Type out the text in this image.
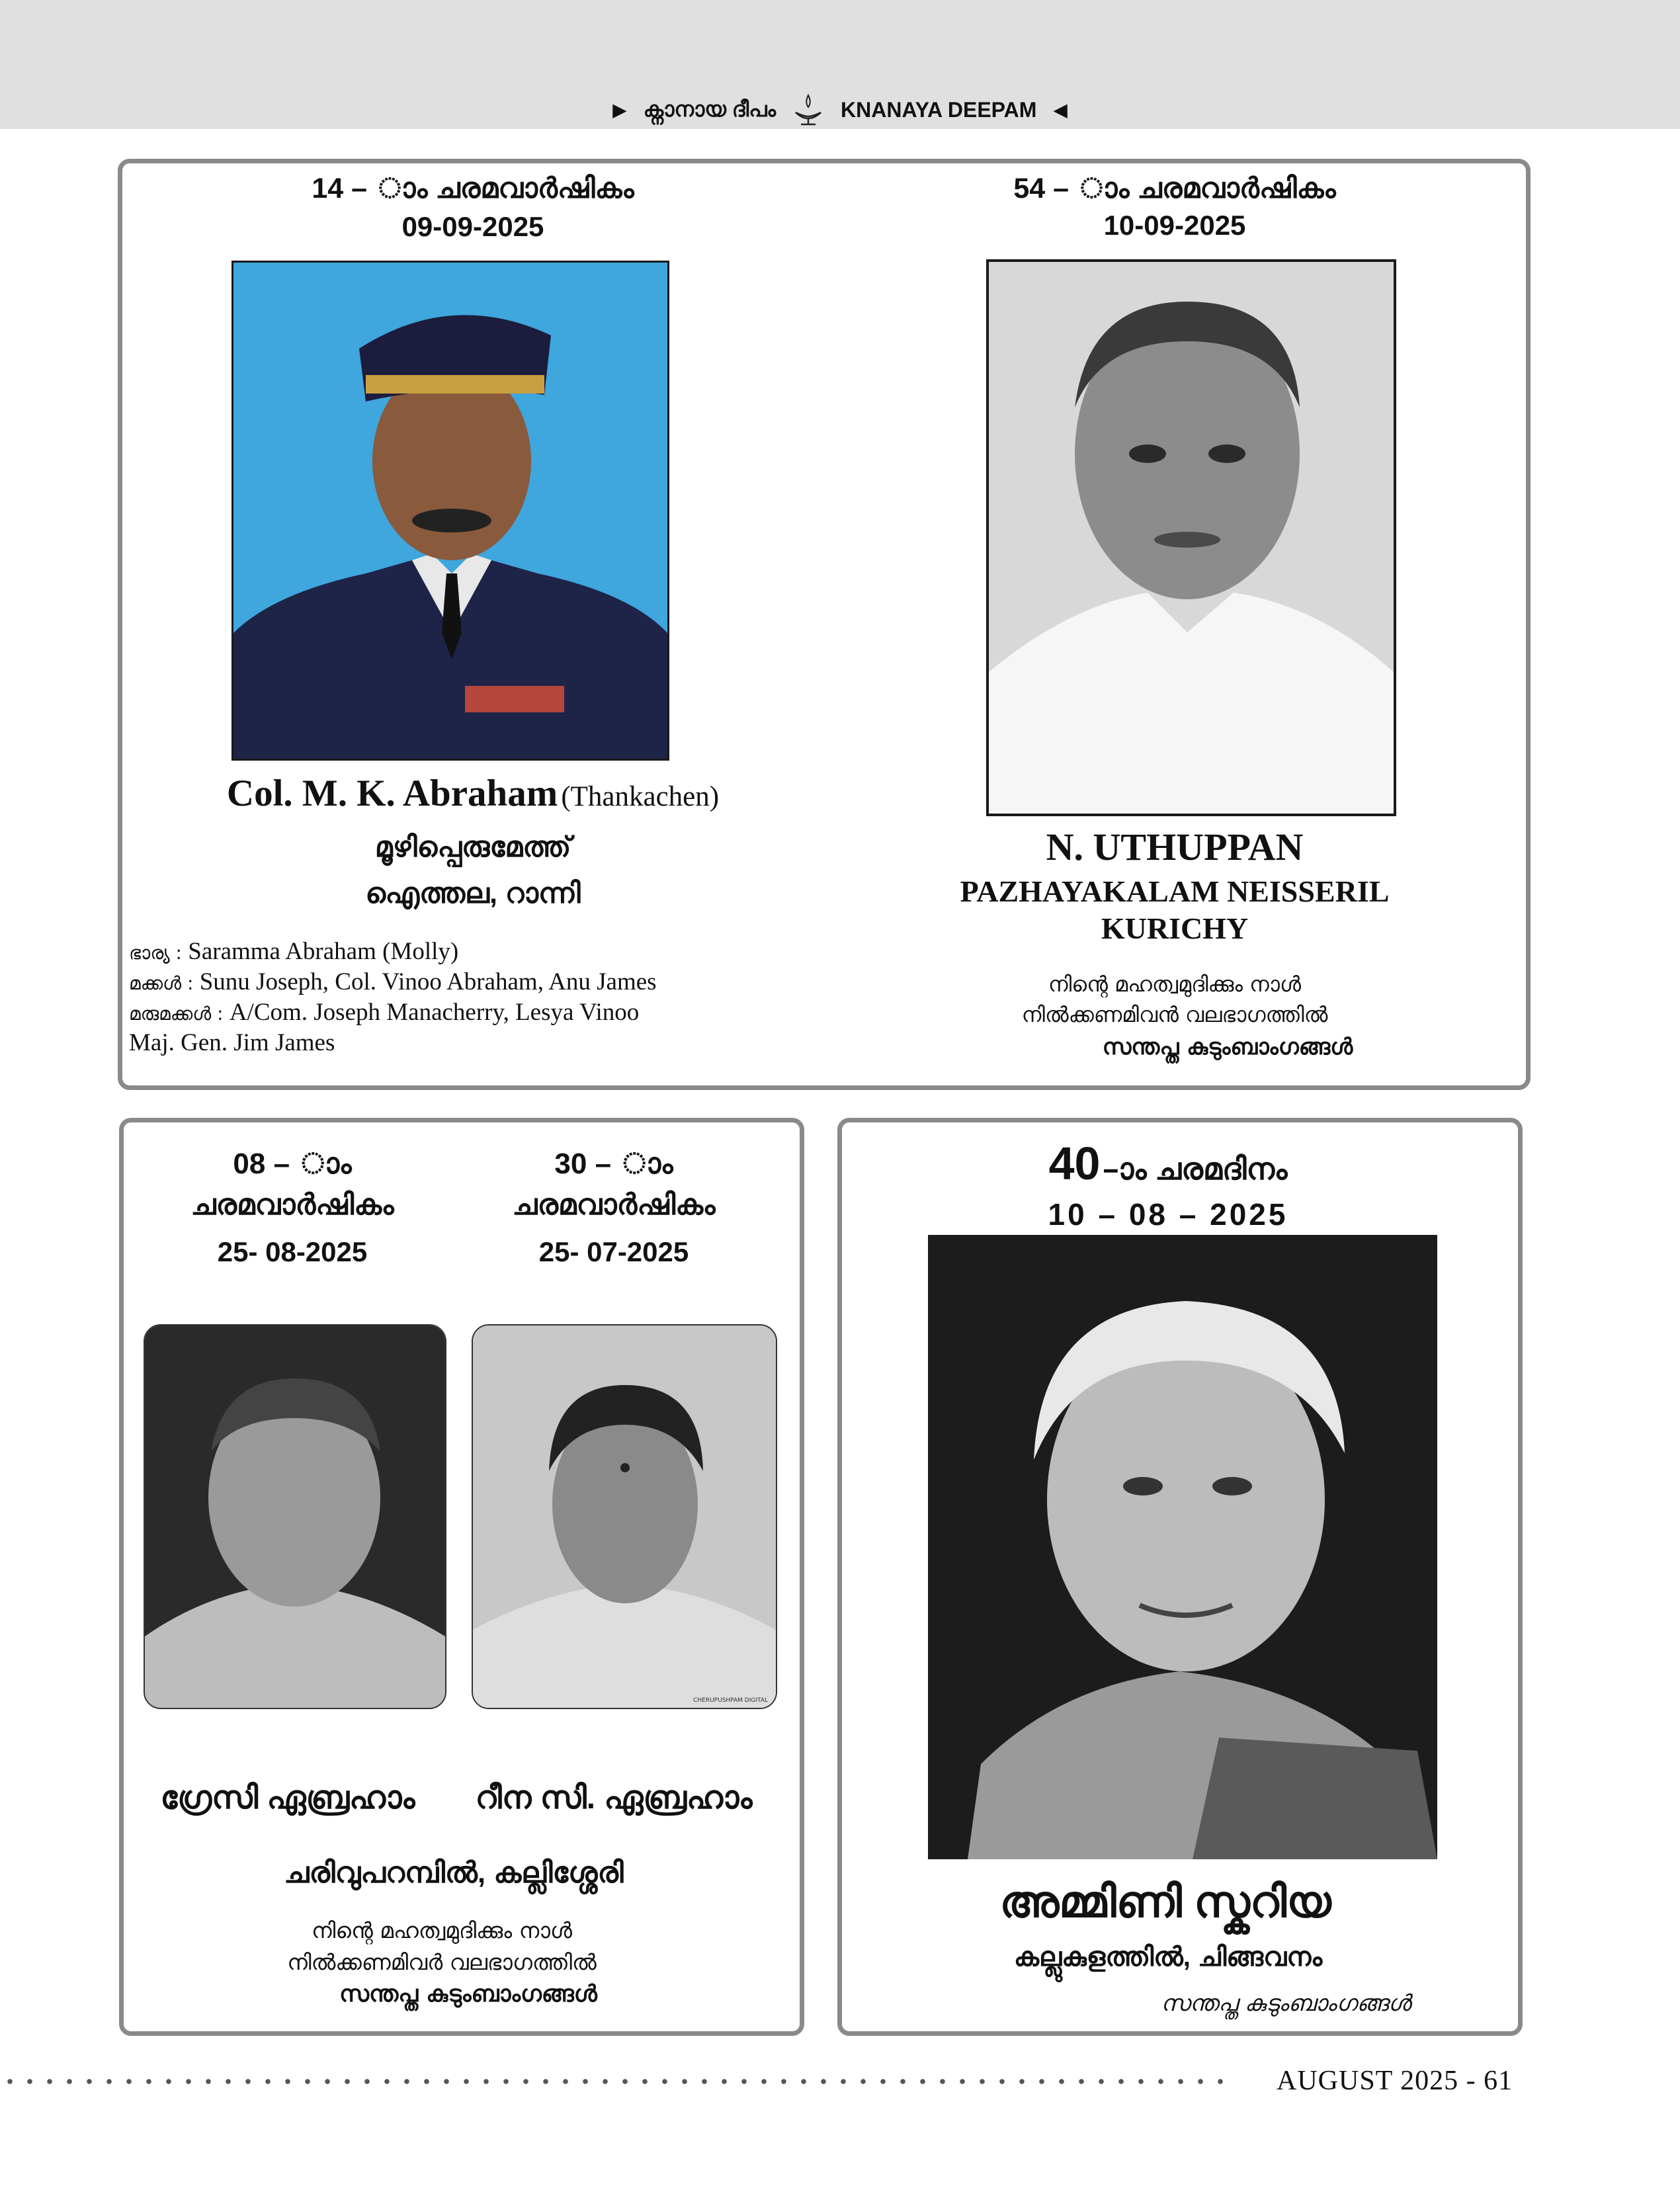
▶ ക്നാനായ ദീപം	KNANAYA DEEPAM ◀
14 – ാം ചരമവാർഷികം
09-09-2025
Col. M. K. Abraham (Thankachen)
മൂഴിപ്പെരുമേത്ത്
ഐത്തല, റാന്നി
ഭാര്യ : Saramma Abraham (Molly)
മക്കൾ : Sunu Joseph, Col. Vinoo Abraham, Anu James
മരുമക്കൾ : A/Com. Joseph Manacherry, Lesya Vinoo
Maj. Gen. Jim James
54 – ാം ചരമവാർഷികം
10-09-2025
N. UTHUPPAN
PAZHAYAKALAM NEISSERIL
KURICHY
നിന്റെ മഹത്വമുദിക്കും നാൾ
നിൽക്കണമിവൻ വലഭാഗത്തിൽ
സന്തപ്ത കുടുംബാംഗങ്ങൾ
08 – ാം
ചരമവാർഷികം
25- 08-2025
ഗ്രേസി ഏബ്രഹാം
30 – ാം
ചരമവാർഷികം
25- 07-2025
CHERUPUSHPAM DIGITAL
റീന സി. ഏബ്രഹാം
ചരിവുപറമ്പിൽ, കല്ലിശ്ശേരി
നിന്റെ മഹത്വമുദിക്കും നാൾ
നിൽക്കണമിവർ വലഭാഗത്തിൽ
സന്തപ്ത കുടുംബാംഗങ്ങൾ
40 –ാം ചരമദിനം
10 – 08 – 2025
അമ്മിണി സ്കറിയ
കല്ലുകുളത്തിൽ, ചിങ്ങവനം
സന്തപ്ത കുടുംബാംഗങ്ങൾ
AUGUST 2025 - 61
